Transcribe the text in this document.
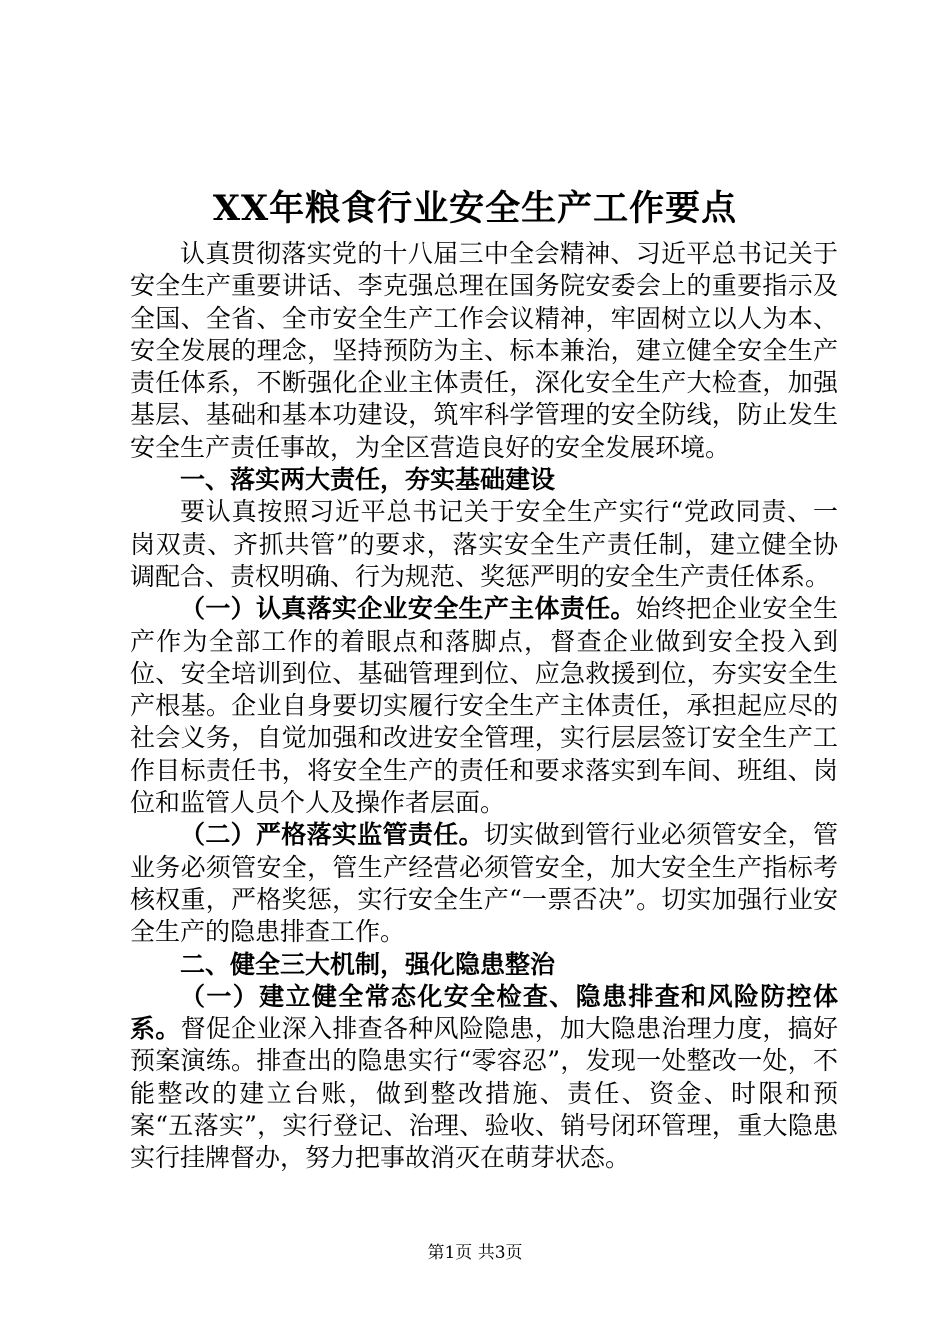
XX年粮食行业安全生产工作要点

认真贯彻落实党的十八届三中全会精神、习近平总书记关于安全生产重要讲话、李克强总理在国务院安委会上的重要指示及全国、全省、全市安全生产工作会议精神，牢固树立以人为本、安全发展的理念，坚持预防为主、标本兼治，建立健全安全生产责任体系，不断强化企业主体责任，深化安全生产大检查，加强基层、基础和基本功建设，筑牢科学管理的安全防线，防止发生安全生产责任事故，为全区营造良好的安全发展环境。

一、落实两大责任，夯实基础建设

要认真按照习近平总书记关于安全生产实行“党政同责、一岗双责、齐抓共管”的要求，落实安全生产责任制，建立健全协调配合、责权明确、行为规范、奖惩严明的安全生产责任体系。

（一）认真落实企业安全生产主体责任。始终把企业安全生产作为全部工作的着眼点和落脚点，督查企业做到安全投入到位、安全培训到位、基础管理到位、应急救援到位，夯实安全生产根基。企业自身要切实履行安全生产主体责任，承担起应尽的社会义务，自觉加强和改进安全管理，实行层层签订安全生产工作目标责任书，将安全生产的责任和要求落实到车间、班组、岗位和监管人员个人及操作者层面。

（二）严格落实监管责任。切实做到管行业必须管安全，管业务必须管安全，管生产经营必须管安全，加大安全生产指标考核权重，严格奖惩，实行安全生产“一票否决”。切实加强行业安全生产的隐患排查工作。

二、健全三大机制，强化隐患整治

（一）建立健全常态化安全检查、隐患排查和风险防控体系。督促企业深入排查各种风险隐患，加大隐患治理力度，搞好预案演练。排查出的隐患实行“零容忍”，发现一处整改一处，不能整改的建立台账，做到整改措施、责任、资金、时限和预案“五落实”，实行登记、治理、验收、销号闭环管理，重大隐患实行挂牌督办，努力把事故消灭在萌芽状态。

第1页 共3页
